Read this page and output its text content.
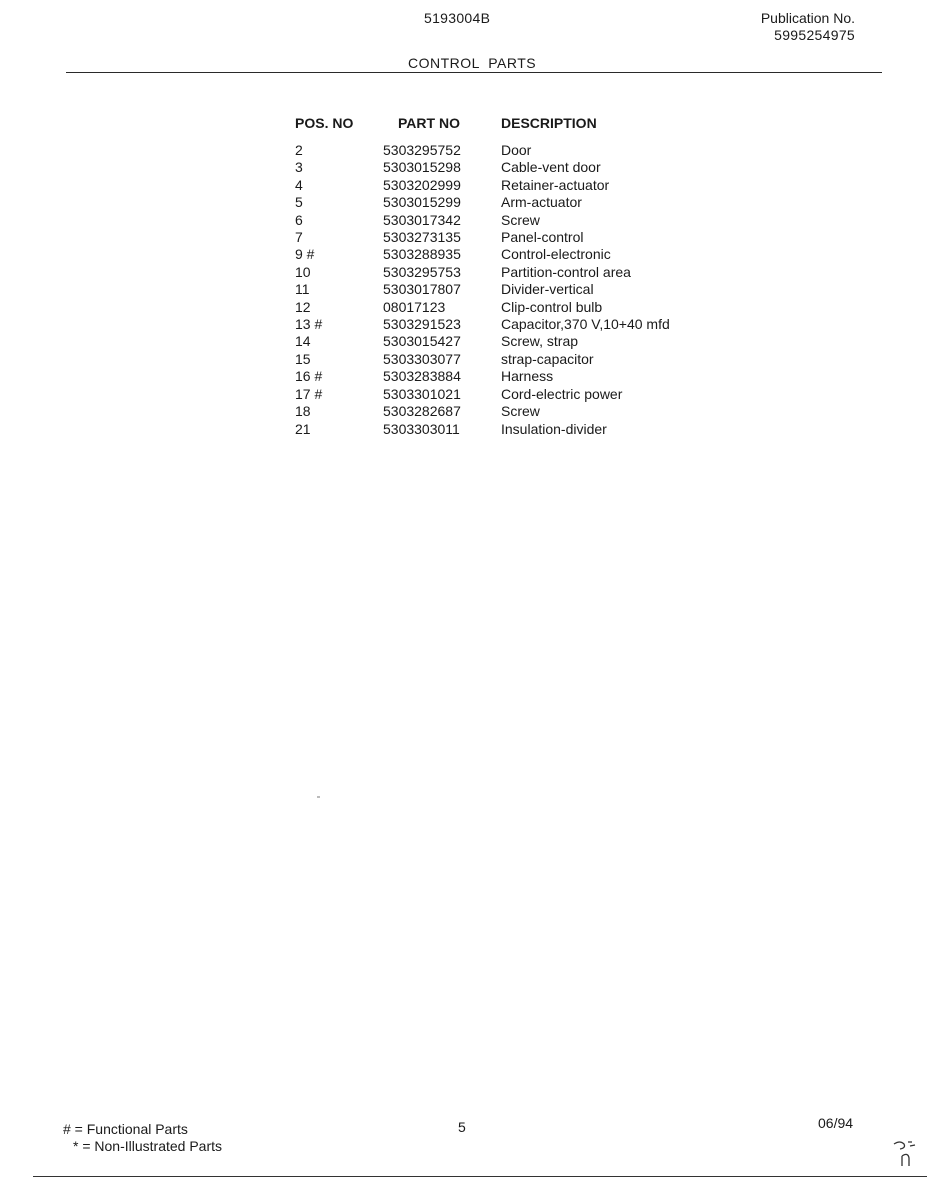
5193004B	Publication No.
5995254975
CONTROL  PARTS
POS. NO	PART NO	DESCRIPTION
2	5303295752	Door
3	5303015298	Cable-vent door
4	5303202999	Retainer-actuator
5	5303015299	Arm-actuator
6	5303017342	Screw
7	5303273135	Panel-control
9 #	5303288935	Control-electronic
10	5303295753	Partition-control area
11	5303017807	Divider-vertical
12	08017123	Clip-control bulb
13 #	5303291523	Capacitor,370 V,10+40 mfd
14	5303015427	Screw, strap
15	5303303077	strap-capacitor
16 #	5303283884	Harness
17 #	5303301021	Cord-electric power
18	5303282687	Screw
21	5303303011	Insulation-divider
# = Functional Parts
* = Non-Illustrated Parts
5	06/94
